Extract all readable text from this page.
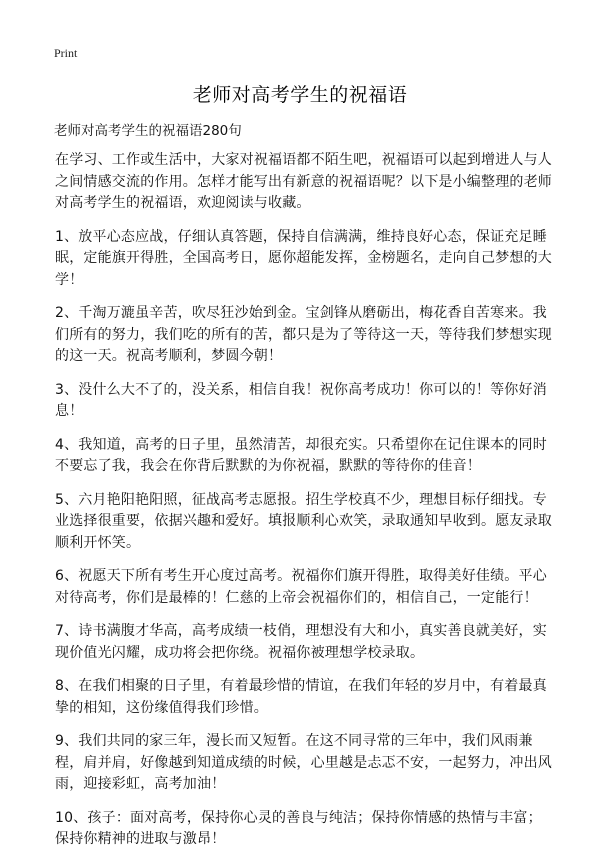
Print
老师对高考学生的祝福语

老师对高考学生的祝福语280句

在学习、工作或生活中，大家对祝福语都不陌生吧，祝福语可以起到增进人与人之间情感交流的作用。怎样才能写出有新意的祝福语呢？以下是小编整理的老师对高考学生的祝福语，欢迎阅读与收藏。

1、放平心态应战，仔细认真答题，保持自信满满，维持良好心态，保证充足睡眠，定能旗开得胜，全国高考日，愿你超能发挥，金榜题名，走向自己梦想的大学！

2、千淘万漉虽辛苦，吹尽狂沙始到金。宝剑锋从磨砺出，梅花香自苦寒来。我们所有的努力，我们吃的所有的苦，都只是为了等待这一天，等待我们梦想实现的这一天。祝高考顺利，梦圆今朝！

3、没什么大不了的，没关系，相信自我！祝你高考成功！你可以的！等你好消息！

4、我知道，高考的日子里，虽然清苦，却很充实。只希望你在记住课本的同时不要忘了我，我会在你背后默默的为你祝福，默默的等待你的佳音！

5、六月艳阳艳阳照，征战高考志愿报。招生学校真不少，理想目标仔细找。专业选择很重要，依据兴趣和爱好。填报顺利心欢笑，录取通知早收到。愿友录取顺利开怀笑。

6、祝愿天下所有考生开心度过高考。祝福你们旗开得胜，取得美好佳绩。平心对待高考，你们是最棒的！仁慈的上帝会祝福你们的，相信自己，一定能行！

7、诗书满腹才华高，高考成绩一枝俏，理想没有大和小，真实善良就美好，实现价值光闪耀，成功将会把你绕。祝福你被理想学校录取。

8、在我们相聚的日子里，有着最珍惜的情谊，在我们年轻的岁月中，有着最真挚的相知，这份缘值得我们珍惜。

9、我们共同的家三年，漫长而又短暂。在这不同寻常的三年中，我们风雨兼程，肩并肩，好像越到知道成绩的时候，心里越是忐忑不安，一起努力，冲出风雨，迎接彩虹，高考加油！

10、孩子：面对高考，保持你心灵的善良与纯洁；保持你情感的热情与丰富；保持你精神的进取与激昂！
